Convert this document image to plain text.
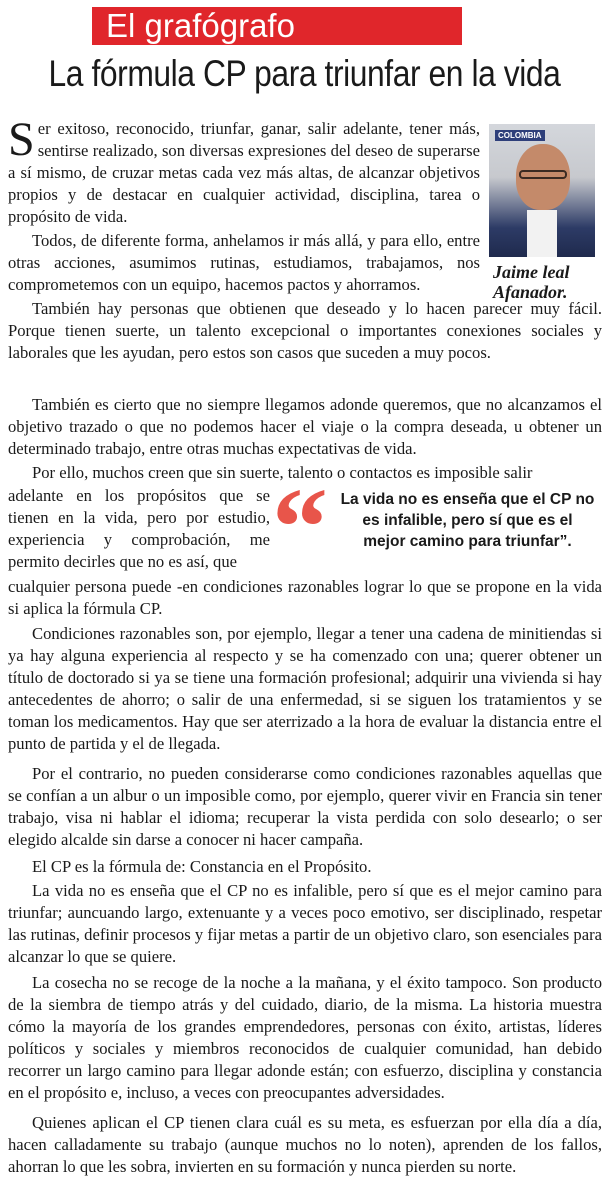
El grafógrafo
La fórmula CP para triunfar en la vida
COLOMBIA
Jaime leal
Afanador.

Ser exitoso, reconocido, triunfar, ganar, salir adelante, tener más, sentirse realizado, son diversas expresiones del deseo de superarse a sí mismo, de cruzar metas cada vez más altas, de alcanzar objetivos propios y de destacar en cualquier actividad, disciplina, tarea o propósito de vida.

Todos, de diferente forma, anhelamos ir más allá, y para ello, entre otras acciones, asumimos rutinas, estudiamos, trabajamos, nos comprometemos con un equipo, hacemos pactos y ahorramos.

También hay personas que obtienen que deseado y lo hacen parecer muy fácil. Porque tienen suerte, un talento excepcional o importantes conexiones sociales y laborales que les ayudan, pero estos son casos que suceden a muy pocos.

También es cierto que no siempre llegamos adonde queremos, que no alcanzamos el objetivo trazado o que no podemos hacer el viaje o la compra deseada, u obtener un determinado trabajo, entre otras muchas expectativas de vida.

Por ello, muchos creen que sin suerte, talento o contactos es imposible salir

adelante en los propósitos que se tienen en la vida, pero por estudio, experiencia y comprobación, me permito decirles que no es así, que

cualquier persona puede -en condiciones razonables lograr lo que se propone en la vida si aplica la fórmula CP.

“ La vida no es enseña que el CP no es infalible, pero sí que es el mejor camino para triunfar”.

Condiciones razonables son, por ejemplo, llegar a tener una cadena de minitiendas si ya hay alguna experiencia al respecto y se ha comenzado con una; querer obtener un título de doctorado si ya se tiene una formación profesional; adquirir una vivienda si hay antecedentes de ahorro; o salir de una enfermedad, si se siguen los tratamientos y se toman los medicamentos. Hay que ser aterrizado a la hora de evaluar la distancia entre el punto de partida y el de llegada.

Por el contrario, no pueden considerarse como condiciones razonables aquellas que se confían a un albur o un imposible como, por ejemplo, querer vivir en Francia sin tener trabajo, visa ni hablar el idioma; recuperar la vista perdida con solo desearlo; o ser elegido alcalde sin darse a conocer ni hacer campaña.

El CP es la fórmula de: Constancia en el Propósito.

La vida no es enseña que el CP no es infalible, pero sí que es el mejor camino para triunfar; auncuando largo, extenuante y a veces poco emotivo, ser disciplinado, respetar las rutinas, definir procesos y fijar metas a partir de un objetivo claro, son esenciales para alcanzar lo que se quiere.

La cosecha no se recoge de la noche a la mañana, y el éxito tampoco. Son producto de la siembra de tiempo atrás y del cuidado, diario, de la misma. La historia muestra cómo la mayoría de los grandes emprendedores, personas con éxito, artistas, líderes políticos y sociales y miembros reconocidos de cualquier comunidad, han debido recorrer un largo camino para llegar adonde están; con esfuerzo, disciplina y constancia en el propósito e, incluso, a veces con preocupantes adversidades.

Quienes aplican el CP tienen clara cuál es su meta, es esfuerzan por ella día a día, hacen calladamente su trabajo (aunque muchos no lo noten), aprenden de los fallos, ahorran lo que les sobra, invierten en su formación y nunca pierden su norte.
